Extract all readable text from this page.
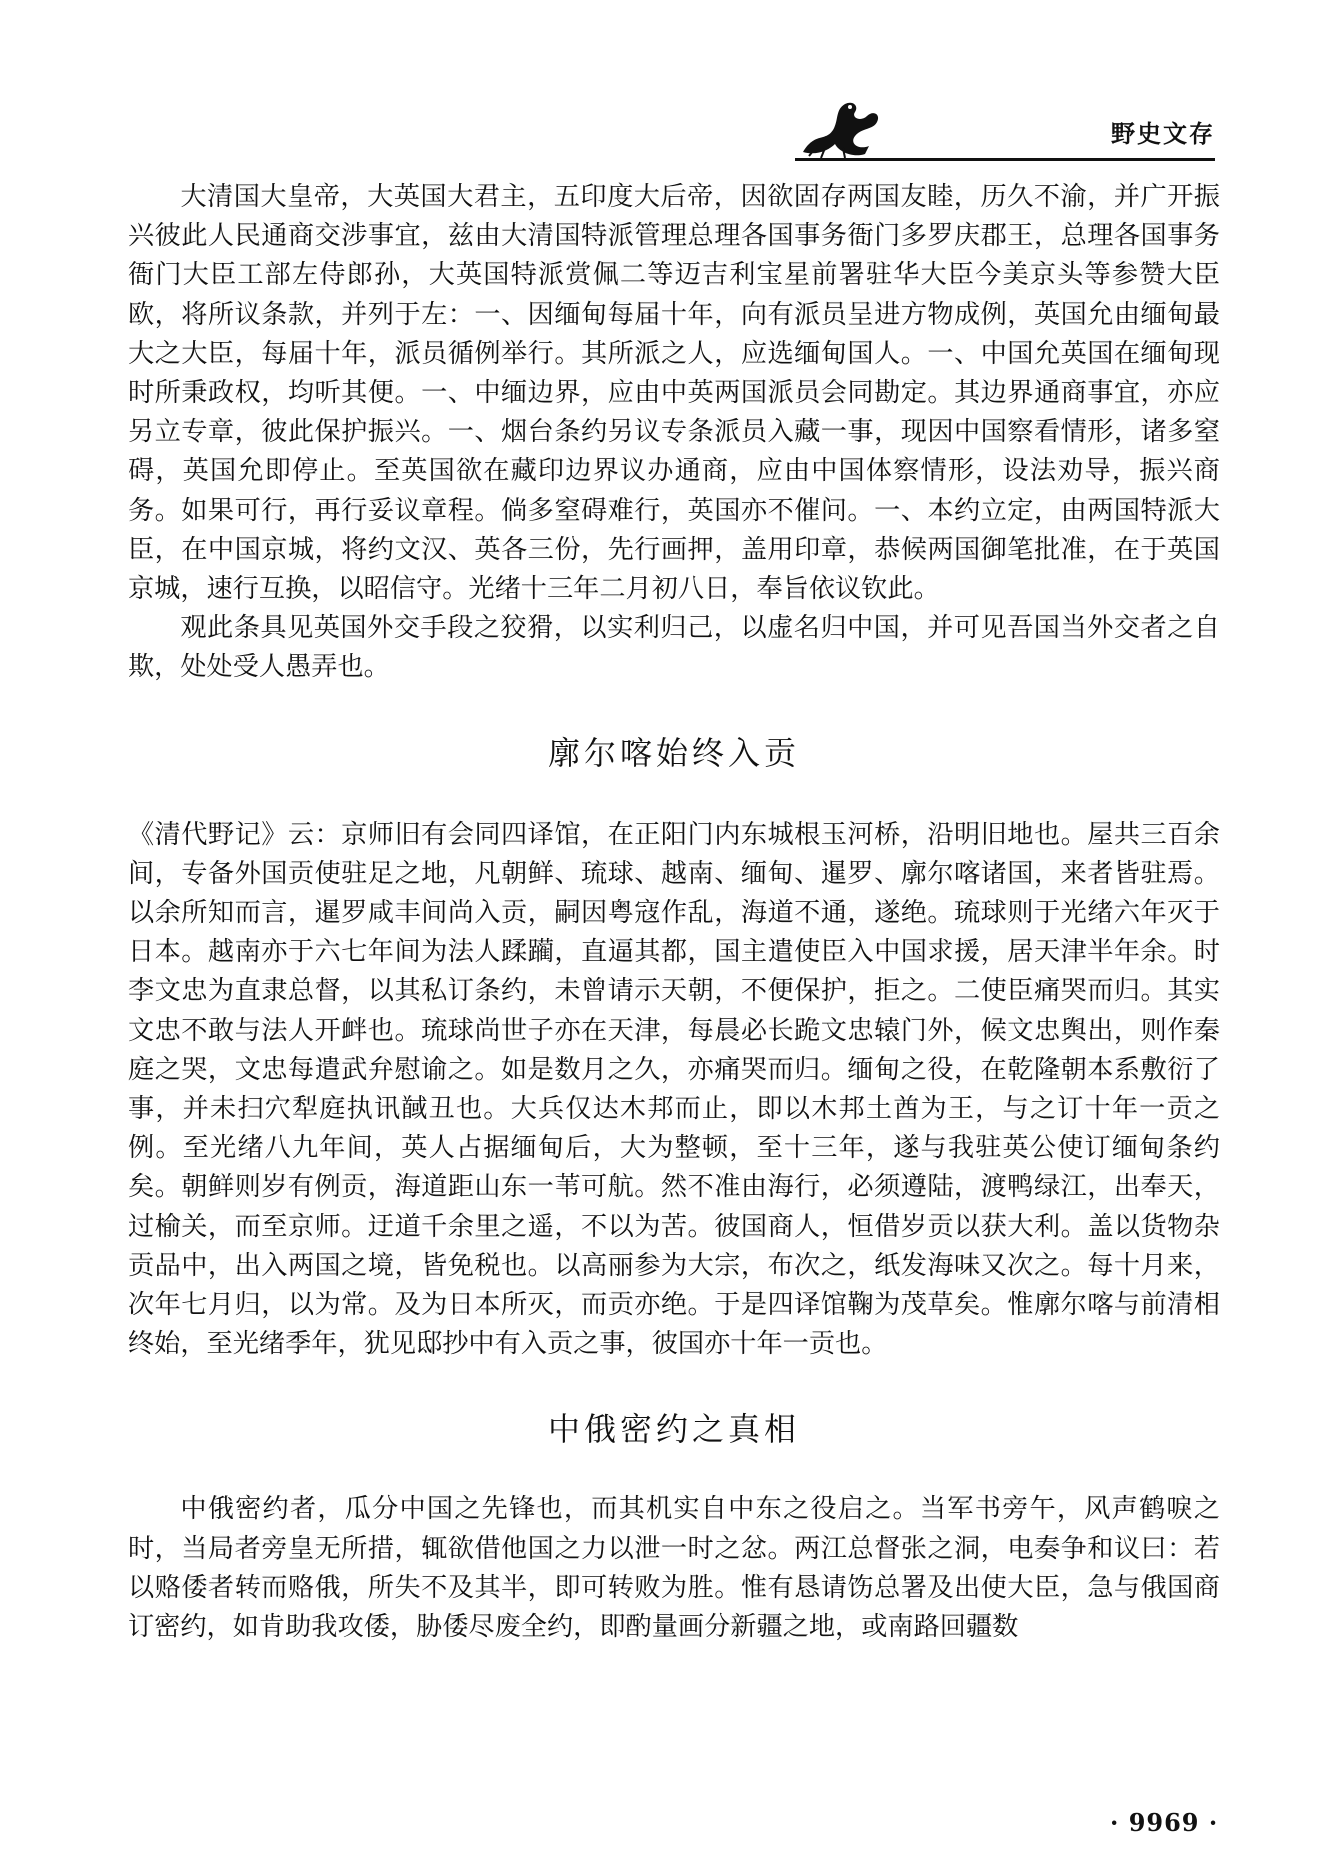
野史文存

大清国大皇帝，大英国大君主，五印度大后帝，因欲固存两国友睦，历久不渝，并广开振兴彼此人民通商交涉事宜，兹由大清国特派管理总理各国事务衙门多罗庆郡王，总理各国事务衙门大臣工部左侍郎孙，大英国特派赏佩二等迈吉利宝星前署驻华大臣今美京头等参赞大臣欧，将所议条款，并列于左：一、因缅甸每届十年，向有派员呈进方物成例，英国允由缅甸最大之大臣，每届十年，派员循例举行。其所派之人，应选缅甸国人。一、中国允英国在缅甸现时所秉政权，均听其便。一、中缅边界，应由中英两国派员会同勘定。其边界通商事宜，亦应另立专章，彼此保护振兴。一、烟台条约另议专条派员入藏一事，现因中国察看情形，诸多窒碍，英国允即停止。至英国欲在藏印边界议办通商，应由中国体察情形，设法劝导，振兴商务。如果可行，再行妥议章程。倘多窒碍难行，英国亦不催问。一、本约立定，由两国特派大臣，在中国京城，将约文汉、英各三份，先行画押，盖用印章，恭候两国御笔批准，在于英国京城，速行互换，以昭信守。光绪十三年二月初八日，奉旨依议钦此。

观此条具见英国外交手段之狡猾，以实利归己，以虚名归中国，并可见吾国当外交者之自欺，处处受人愚弄也。

廓尔喀始终入贡

《清代野记》云：京师旧有会同四译馆，在正阳门内东城根玉河桥，沿明旧地也。屋共三百余间，专备外国贡使驻足之地，凡朝鲜、琉球、越南、缅甸、暹罗、廓尔喀诸国，来者皆驻焉。以余所知而言，暹罗咸丰间尚入贡，嗣因粤寇作乱，海道不通，遂绝。琉球则于光绪六年灭于日本。越南亦于六七年间为法人蹂躏，直逼其都，国主遣使臣入中国求援，居天津半年余。时李文忠为直隶总督，以其私订条约，未曾请示天朝，不便保护，拒之。二使臣痛哭而归。其实文忠不敢与法人开衅也。琉球尚世子亦在天津，每晨必长跪文忠辕门外，候文忠舆出，则作秦庭之哭，文忠每遣武弁慰谕之。如是数月之久，亦痛哭而归。缅甸之役，在乾隆朝本系敷衍了事，并未扫穴犁庭执讯馘丑也。大兵仅达木邦而止，即以木邦土酋为王，与之订十年一贡之例。至光绪八九年间，英人占据缅甸后，大为整顿，至十三年，遂与我驻英公使订缅甸条约矣。朝鲜则岁有例贡，海道距山东一苇可航。然不准由海行，必须遵陆，渡鸭绿江，出奉天，过榆关，而至京师。迂道千余里之遥，不以为苦。彼国商人，恒借岁贡以获大利。盖以货物杂贡品中，出入两国之境，皆免税也。以高丽参为大宗，布次之，纸发海味又次之。每十月来，次年七月归，以为常。及为日本所灭，而贡亦绝。于是四译馆鞠为茂草矣。惟廓尔喀与前清相终始，至光绪季年，犹见邸抄中有入贡之事，彼国亦十年一贡也。

中俄密约之真相

中俄密约者，瓜分中国之先锋也，而其机实自中东之役启之。当军书旁午，风声鹤唳之时，当局者旁皇无所措，辄欲借他国之力以泄一时之忿。两江总督张之洞，电奏争和议曰：若以赂倭者转而赂俄，所失不及其半，即可转败为胜。惟有恳请饬总署及出使大臣，急与俄国商订密约，如肯助我攻倭，胁倭尽废全约，即酌量画分新疆之地，或南路回疆数

· 9969 ·
